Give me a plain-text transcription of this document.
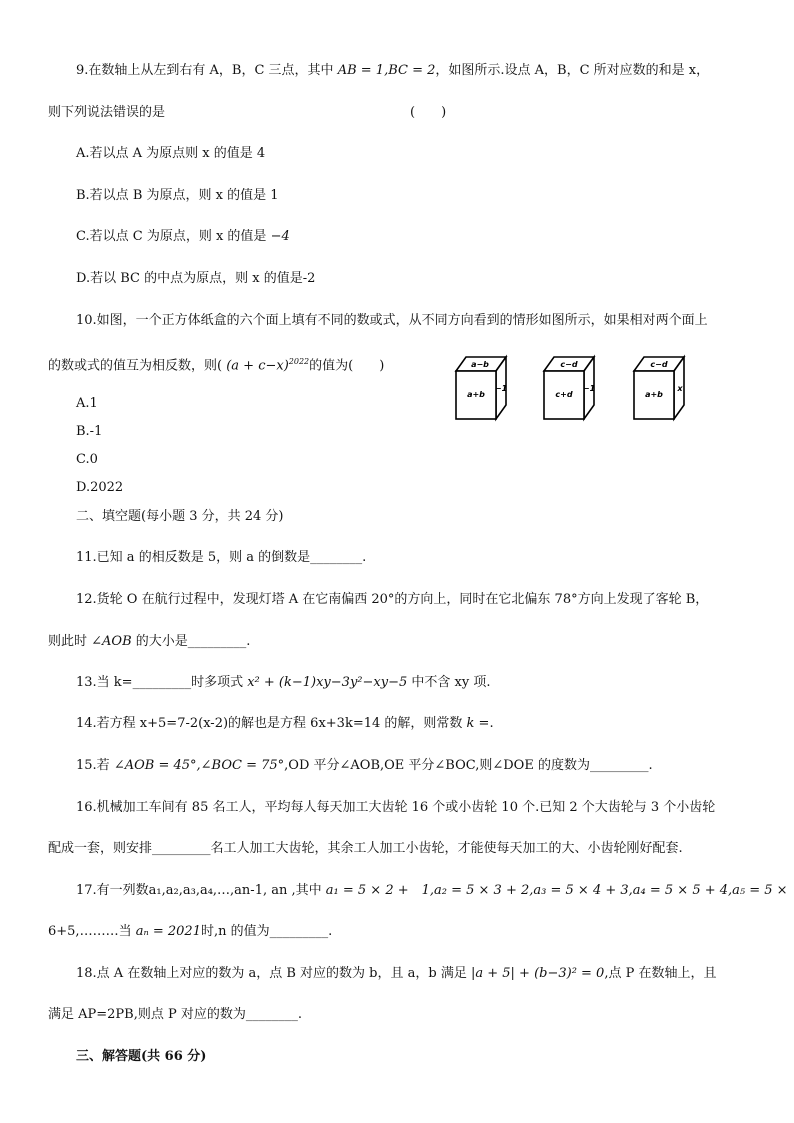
9.在数轴上从左到右有 A，B，C 三点，其中 AB = 1,BC = 2，如图所示.设点 A，B，C 所对应数的和是 x，
则下列说法错误的是	(　　)
A.若以点 A 为原点则 x 的值是 4
B.若以点 B 为原点，则 x 的值是 1
C.若以点 C 为原点，则 x 的值是 −4
D.若以 BC 的中点为原点，则 x 的值是-2
10.如图，一个正方体纸盒的六个面上填有不同的数或式，从不同方向看到的情形如图所示，如果相对两个面上
的数或式的值互为相反数，则( $(a + c-x)^{2022}$的值为(　　)	a−b
a+b
−1
c−d
c+d
−1
c−d
a+b
x
A.1
B.-1
C.0
D.2022
二、填空题(每小题 3 分，共 24 分)
11.已知 a 的相反数是 5，则 a 的倒数是________.
12.货轮 O 在航行过程中，发现灯塔 A 在它南偏西 20°的方向上，同时在它北偏东 78°方向上发现了客轮 B，
则此时 ∠AOB 的大小是_________.
13.当 k=_________时多项式 x² + (k−1)xy−3y²−xy−5 中不含 xy 项.
14.若方程 x+5=7-2(x-2)的解也是方程 6x+3k=14 的解，则常数 k =.
15.若 ∠AOB = 45°,∠BOC = 75°,OD 平分∠AOB,OE 平分∠BOC,则∠DOE 的度数为_________.
16.机械加工车间有 85 名工人，平均每人每天加工大齿轮 16 个或小齿轮 10 个.已知 2 个大齿轮与 3 个小齿轮
配成一套，则安排_________名工人加工大齿轮，其余工人加工小齿轮，才能使每天加工的大、小齿轮刚好配套.
17.有一列数a₁,a₂,a₃,a₄,…,an-1, an ,其中 a₁ = 5 × 2 +　1,a₂ = 5 × 3 + 2,a₃ = 5 × 4 + 3,a₄ = 5 × 5 + 4,a₅ = 5 ×
6+5,………当 aₙ = 2021时,n 的值为_________.
18.点 A 在数轴上对应的数为 a，点 B 对应的数为 b，且 a，b 满足 |a + 5| + (b−3)² = 0,点 P 在数轴上，且
满足 AP=2PB,则点 P 对应的数为________.
三、解答题(共 66 分)
